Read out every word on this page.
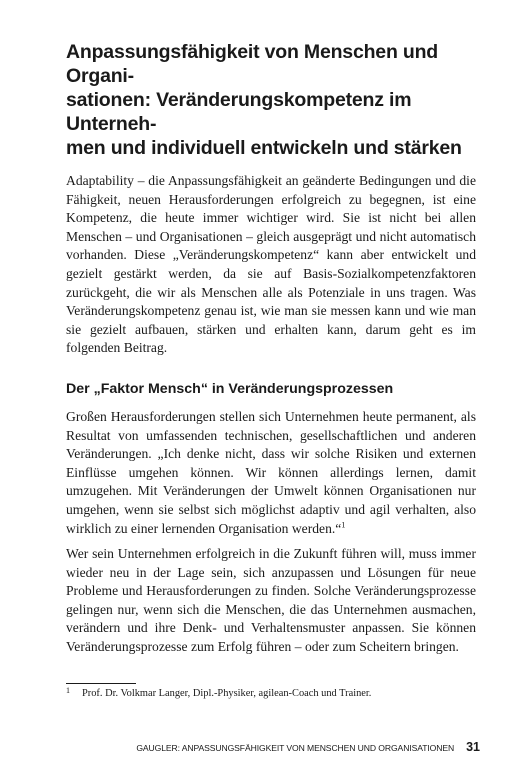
Anpassungsfähigkeit von Menschen und Organi-
sationen: Veränderungskompetenz im Unterneh-
men und individuell entwickeln und stärken

Adaptability – die Anpassungsfähigkeit an geänderte Bedingungen und die Fähigkeit, neuen Herausforderungen erfolgreich zu begegnen, ist eine Kompetenz, die heute immer wichtiger wird. Sie ist nicht bei allen Menschen – und Organisationen – gleich ausgeprägt und nicht automatisch vorhanden. Diese „Veränderungskompetenz“ kann aber entwickelt und gezielt gestärkt werden, da sie auf Basis-Sozialkompetenzfaktoren zurückgeht, die wir als Menschen alle als Potenziale in uns tragen. Was Veränderungskompetenz genau ist, wie man sie messen kann und wie man sie gezielt aufbauen, stärken und erhalten kann, darum geht es im folgenden Beitrag.

Der „Faktor Mensch“ in Veränderungsprozessen

Großen Herausforderungen stellen sich Unternehmen heute permanent, als Resultat von umfassenden technischen, gesellschaftlichen und anderen Veränderungen. „Ich denke nicht, dass wir solche Risiken und externen Einflüsse umgehen können. Wir können allerdings lernen, damit umzugehen. Mit Veränderungen der Umwelt können Organisationen nur umgehen, wenn sie selbst sich möglichst adaptiv und agil verhalten, also wirklich zu einer lernenden Organisation werden.“$^1$

Wer sein Unternehmen erfolgreich in die Zukunft führen will, muss immer wieder neu in der Lage sein, sich anzupassen und Lösungen für neue Probleme und Herausforderungen zu finden. Solche Veränderungsprozesse gelingen nur, wenn sich die Menschen, die das Unternehmen ausmachen, verändern und ihre Denk- und Verhaltensmuster anpassen. Sie können Veränderungsprozesse zum Erfolg führen – oder zum Scheitern bringen.

1 Prof. Dr. Volkmar Langer, Dipl.-Physiker, agilean-Coach und Trainer.
GAUGLER: ANPASSUNGSFÄHIGKEIT VON MENSCHEN UND ORGANISATIONEN 31
